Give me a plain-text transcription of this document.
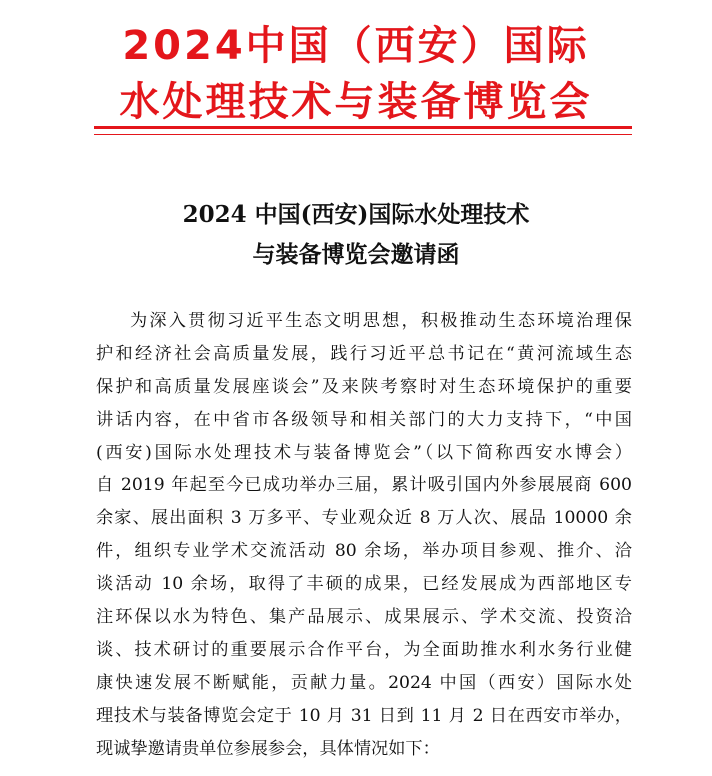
2024中国（西安）国际
水处理技术与装备博览会
2024 中国(西安)国际水处理技术
与装备博览会邀请函
为深入贯彻习近平生态文明思想，积极推动生态环境治理保
护和经济社会高质量发展，践行习近平总书记在“黄河流域生态
保护和高质量发展座谈会”及来陕考察时对生态环境保护的重要
讲话内容，在中省市各级领导和相关部门的大力支持下，“中国
(西安)国际水处理技术与装备博览会”（以下简称西安水博会）
自 2019 年起至今已成功举办三届，累计吸引国内外参展展商 600
余家、展出面积 3 万多平、专业观众近 8 万人次、展品 10000 余
件，组织专业学术交流活动 80 余场，举办项目参观、推介、洽
谈活动 10 余场，取得了丰硕的成果，已经发展成为西部地区专
注环保以水为特色、集产品展示、成果展示、学术交流、投资洽
谈、技术研讨的重要展示合作平台，为全面助推水利水务行业健
康快速发展不断赋能，贡献力量。2024 中国（西安）国际水处
理技术与装备博览会定于 10 月 31 日到 11 月 2 日在西安市举办，
现诚挚邀请贵单位参展参会，具体情况如下：
